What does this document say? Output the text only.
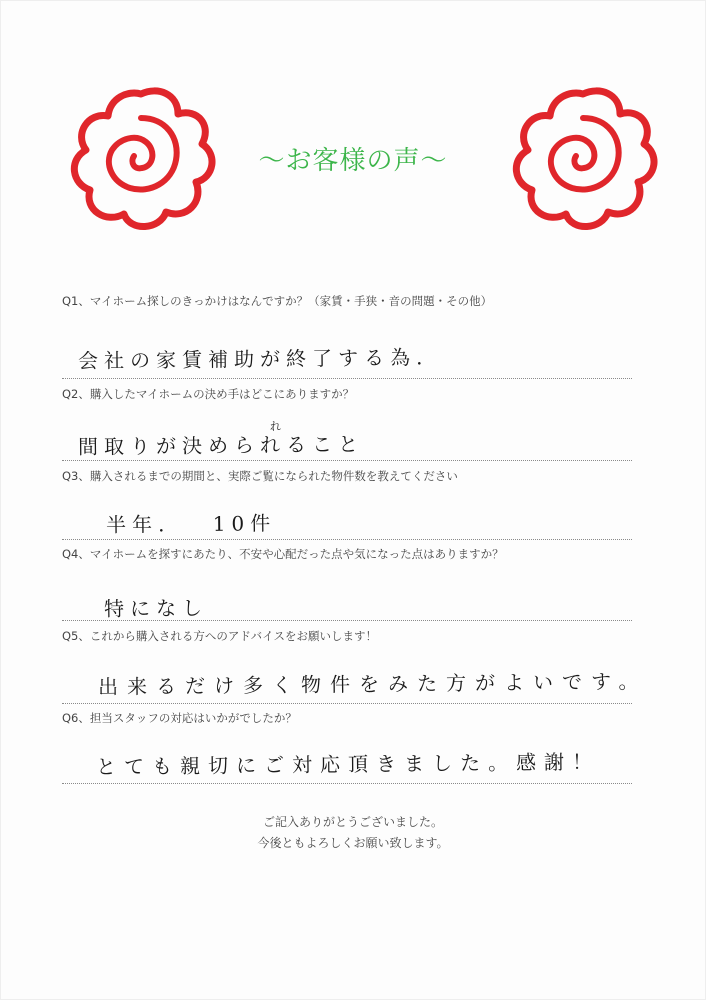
〜お客様の声〜
Q1、マイホーム探しのきっかけはなんですか？（家賃・手狭・音の問題・その他）
会社の家賃補助が終了する為.
Q2、購入したマイホームの決め手はどこにありますか？
れ
間取りが決められること
Q3、購入されるまでの期間と、実際ご覧になられた物件数を教えてください
半年. 10件
Q4、マイホームを探すにあたり、不安や心配だった点や気になった点はありますか？
特になし
Q5、これから購入される方へのアドバイスをお願いします！
出来るだけ多く物件をみた方がよいです。
Q6、担当スタッフの対応はいかがでしたか？
とても親切にご対応頂きました。感謝！
ご記入ありがとうございました。
今後ともよろしくお願い致します。
